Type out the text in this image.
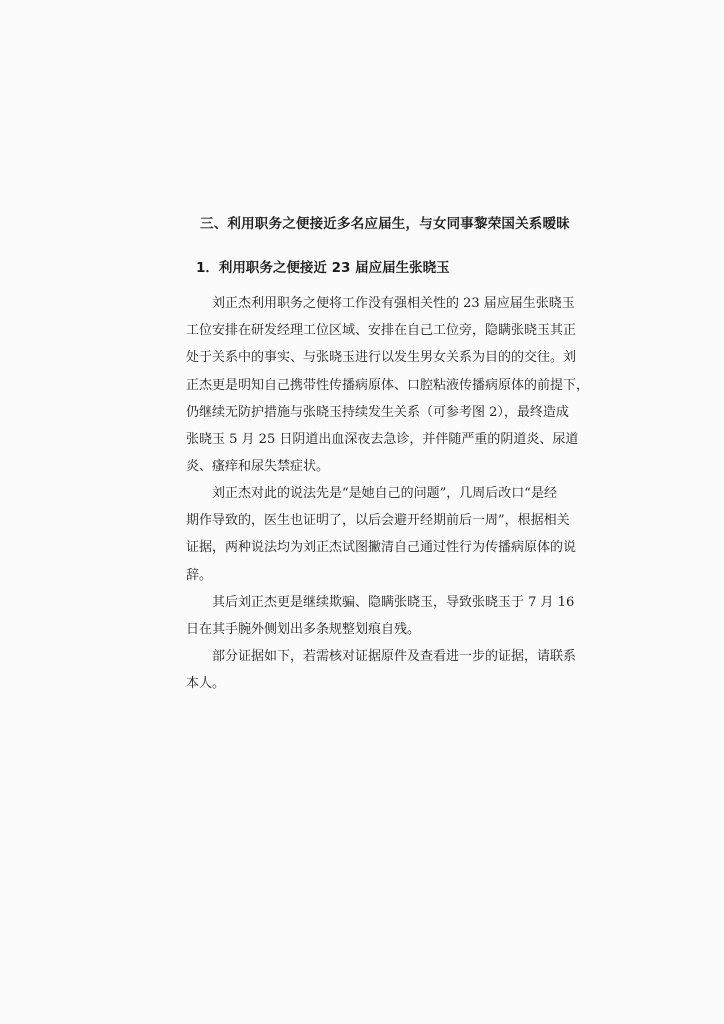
三、利用职务之便接近多名应届生，与女同事黎荣国关系暧昧
1．利用职务之便接近 23 届应届生张晓玉
刘正杰利用职务之便将工作没有强相关性的 23 届应届生张晓玉
工位安排在研发经理工位区域、安排在自己工位旁，隐瞒张晓玉其正
处于关系中的事实、与张晓玉进行以发生男女关系为目的的交往。刘
正杰更是明知自己携带性传播病原体、口腔粘液传播病原体的前提下，
仍继续无防护措施与张晓玉持续发生关系（可参考图 2），最终造成
张晓玉 5 月 25 日阴道出血深夜去急诊，并伴随严重的阴道炎、尿道
炎、瘙痒和尿失禁症状。
刘正杰对此的说法先是“是她自己的问题”，几周后改口“是经
期作导致的，医生也证明了，以后会避开经期前后一周”，根据相关
证据，两种说法均为刘正杰试图撇清自己通过性行为传播病原体的说
辞。
其后刘正杰更是继续欺骗、隐瞒张晓玉，导致张晓玉于 7 月 16
日在其手腕外侧划出多条规整划痕自残。
部分证据如下，若需核对证据原件及查看进一步的证据，请联系
本人。
